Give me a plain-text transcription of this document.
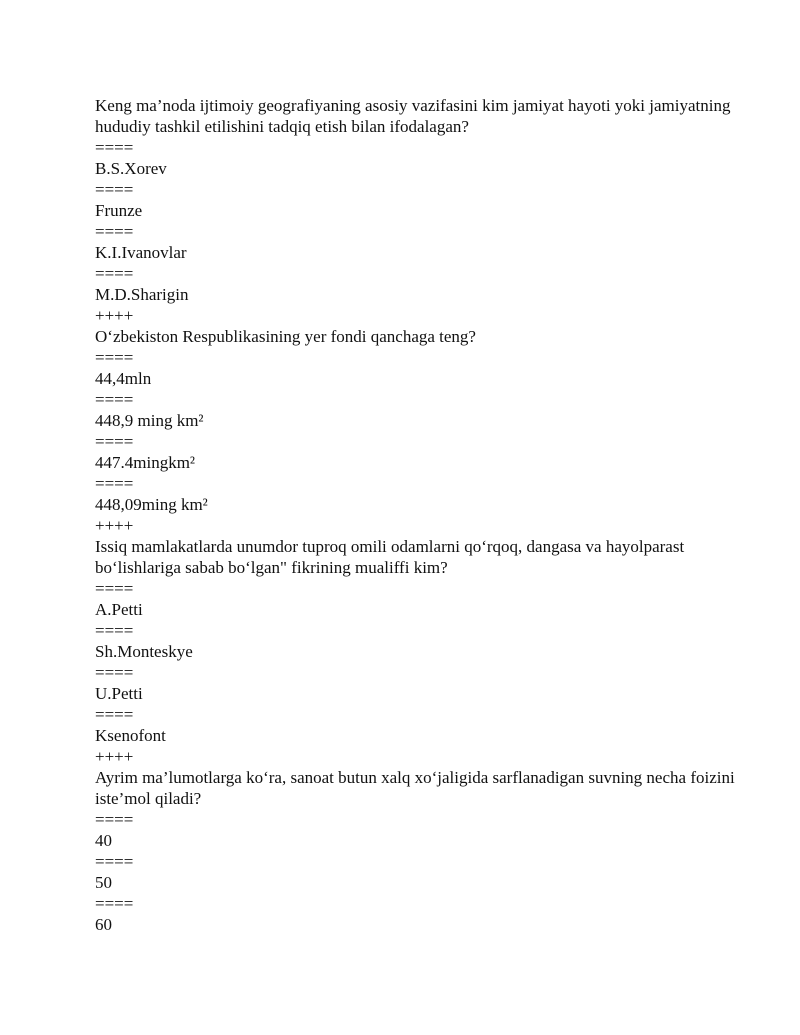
Keng ma’noda ijtimoiy geografiyaning asosiy vazifasini kim jamiyat hayoti yoki jamiyatning hududiy tashkil etilishini tadqiq etish bilan ifodalagan?
====
B.S.Xorev
====
Frunze
====
K.I.Ivanovlar
====
M.D.Sharigin
++++
O‘zbekiston Respublikasining yer fondi qanchaga teng?
====
44,4mln
====
448,9 ming km²
====
447.4mingkm²
====
448,09ming km²
++++
Issiq mamlakatlarda unumdor tuproq omili odamlarni qo‘rqoq, dangasa va hayolparast bo‘lishlariga sabab bo‘lgan" fikrining mualiffi kim?
====
A.Petti
====
Sh.Monteskye
====
U.Petti
====
Ksenofont
++++
Ayrim ma’lumotlarga ko‘ra, sanoat butun xalq xo‘jaligida sarflanadigan suvning necha foizini iste’mol qiladi?
====
40
====
50
====
60
